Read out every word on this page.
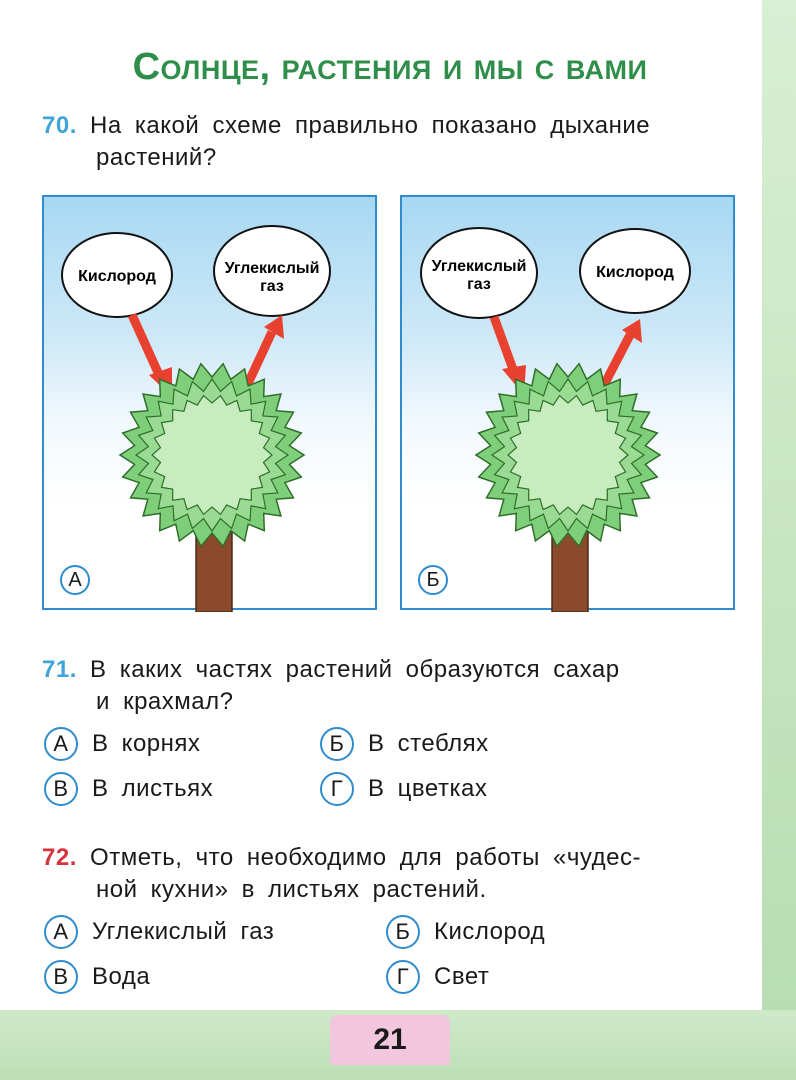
Солнце, растения и мы с вами
70. На какой схеме правильно показано дыхание
растений?
Кислород	Углекислый
газ
А
Углекислый
газ
Кислород
Б
71. В каких частях растений образуются сахар
и крахмал?
А В корнях	Б В стеблях
В В листьях	Г	В цветках
72. Отметь, что необходимо для работы «чудес-
ной кухни» в листьях растений.
А Углекислый газ	Б Кислород
В Вода	Г	Свет
21
